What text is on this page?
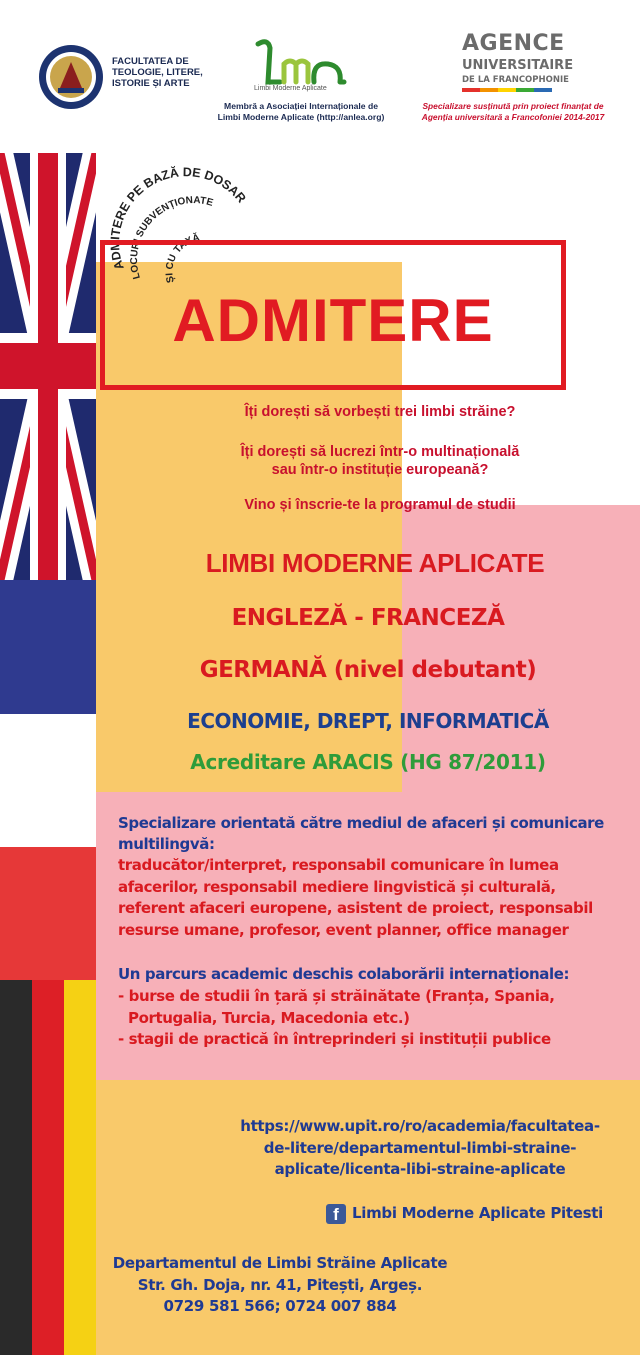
FACULTATEA DE
TEOLOGIE, LITERE,
ISTORIE ȘI ARTE	Limbi Moderne Aplicate
Membră a Asociației Internaționale de
Limbi Moderne Aplicate (http://anlea.org)
AGENCE
UNIVERSITAIRE
DE LA FRANCOPHONIE
Specializare susținută prin proiect finanțat de
Agenția universitară a Francofoniei 2014-2017
ADMITERE PE BAZĂ DE DOSAR
LOCURI SUBVENȚIONATE
ȘI CU TAXĂ
ADMITERE
Îți dorești să vorbești trei limbi străine?
Îți dorești să lucrezi într-o multinațională
sau într-o instituție europeană?
Vino și înscrie-te la programul de studii
LIMBI MODERNE APLICATE
ENGLEZĂ - FRANCEZĂ
GERMANĂ (nivel debutant)
ECONOMIE, DREPT, INFORMATICĂ
Acreditare ARACIS (HG 87/2011)
Specializare orientată către mediul de afaceri și comunicare
multilingvă:
traducător/interpret, responsabil comunicare în lumea
afacerilor, responsabil mediere lingvistică și culturală,
referent afaceri europene, asistent de proiect, responsabil
resurse umane, profesor, event planner, office manager
Un parcurs academic deschis colaborării internaționale:
- burse de studii în țară și străinătate (Franța, Spania,
Portugalia, Turcia, Macedonia etc.)
- stagii de practică în întreprinderi și instituții publice
https://www.upit.ro/ro/academia/facultatea-
de-litere/departamentul-limbi-straine-
aplicate/licenta-libi-straine-aplicate
f Limbi Moderne Aplicate Pitesti
Departamentul de Limbi Străine Aplicate
Str. Gh. Doja, nr. 41, Pitești, Argeș.
0729 581 566; 0724 007 884
